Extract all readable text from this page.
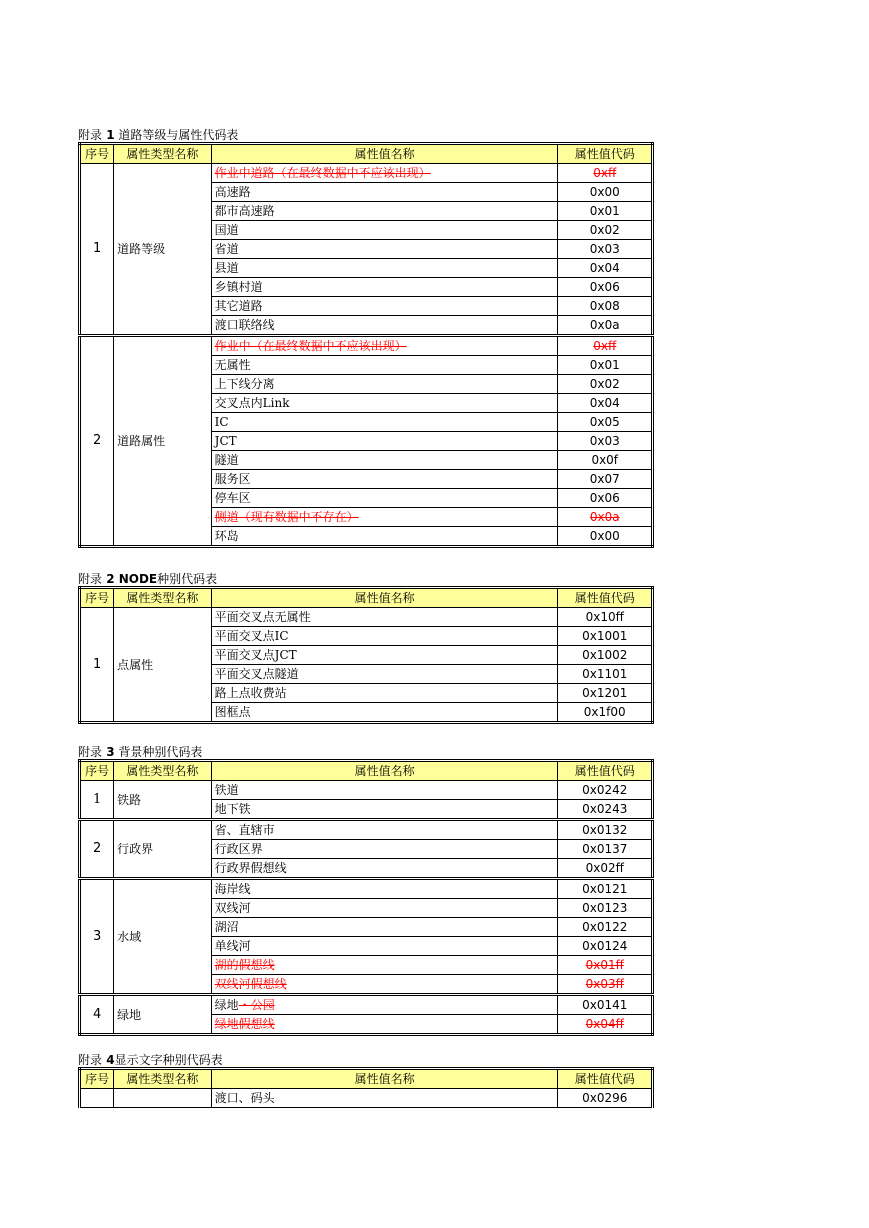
附录 1 道路等级与属性代码表
序号	属性类型名称	属性值名称	属性值代码
1	道路等级	作业中道路（在最终数据中不应该出现）	0xff
		高速路	0x00
		都市高速路	0x01
		国道	0x02
		省道	0x03
		县道	0x04
		乡镇村道	0x06
		其它道路	0x08
		渡口联络线	0x0a
2	道路属性	作业中（在最终数据中不应该出现）	0xff
		无属性	0x01
		上下线分离	0x02
		交叉点内Link	0x04
		IC	0x05
		JCT	0x03
		隧道	0x0f
		服务区	0x07
		停车区	0x06
		侧道（现有数据中不存在）	0x0a
		环岛	0x00
附录 2 NODE种别代码表
序号	属性类型名称	属性值名称	属性值代码
1	点属性	平面交叉点无属性	0x10ff
		平面交叉点IC	0x1001
		平面交叉点JCT	0x1002
		平面交叉点隧道	0x1101
		路上点收费站	0x1201
		图框点	0x1f00
附录 3 背景种别代码表
序号	属性类型名称	属性值名称	属性值代码
1	铁路	铁道	0x0242
		地下铁	0x0243
2	行政界	省、直辖市	0x0132
		行政区界	0x0137
		行政界假想线	0x02ff
3	水域	海岸线	0x0121
		双线河	0x0123
		湖沼	0x0122
		单线河	0x0124
		湖的假想线	0x01ff
		双线河假想线	0x03ff
4	绿地	绿地・公园	0x0141
		绿地假想线	0x04ff
附录 4显示文字种别代码表
序号	属性类型名称	属性值名称	属性值代码
		渡口、码头	0x0296
